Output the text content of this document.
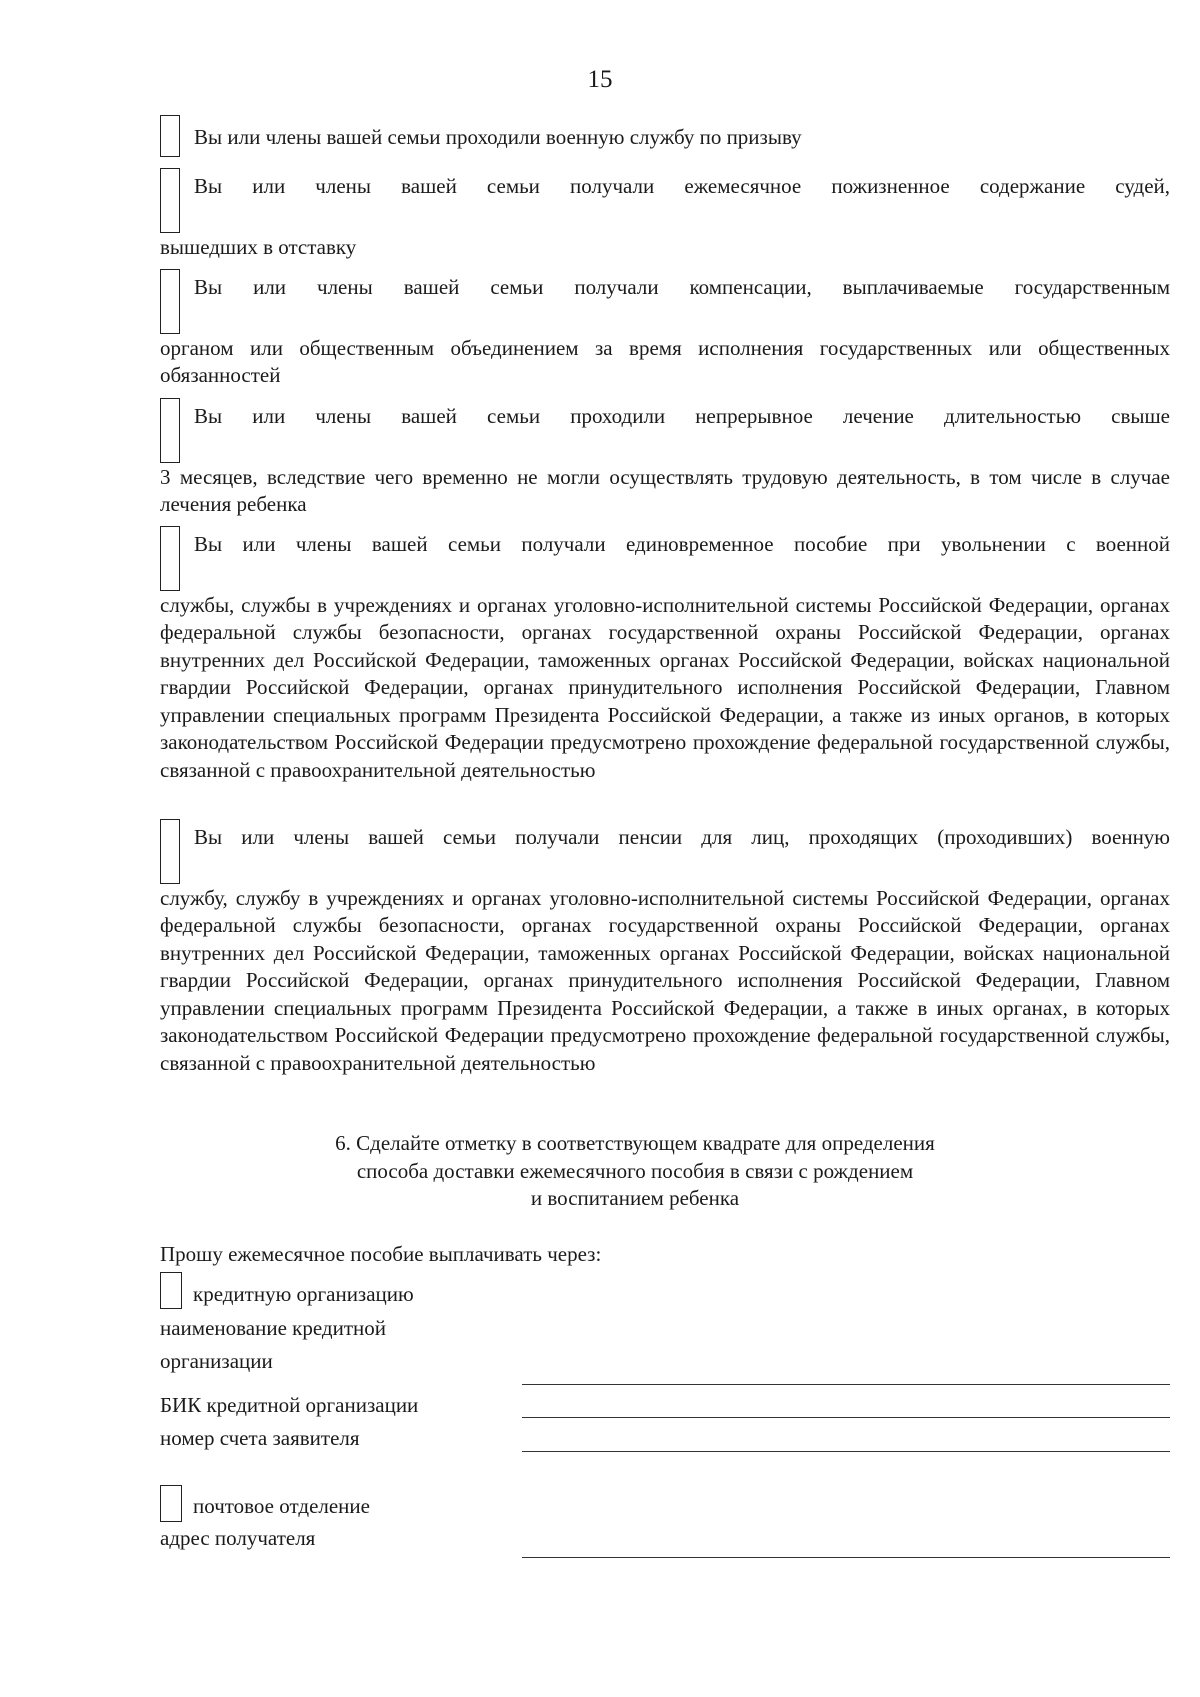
15
Вы или члены вашей семьи проходили военную службу по призыву
Вы или члены вашей семьи получали ежемесячное пожизненное содержание судей,
вышедших в отставку
Вы или члены вашей семьи получали компенсации, выплачиваемые государственным
органом или общественным объединением за время исполнения государственных или общественных обязанностей
Вы или члены вашей семьи проходили непрерывное лечение длительностью свыше
3 месяцев, вследствие чего временно не могли осуществлять трудовую деятельность, в том числе в случае лечения ребенка
Вы или члены вашей семьи получали единовременное пособие при увольнении с военной
службы, службы в учреждениях и органах уголовно-исполнительной системы Российской Федерации, органах федеральной службы безопасности, органах государственной охраны Российской Федерации, органах внутренних дел Российской Федерации, таможенных органах Российской Федерации, войсках национальной гвардии Российской Федерации, органах принудительного исполнения Российской Федерации, Главном управлении специальных программ Президента Российской Федерации, а также из иных органов, в которых законодательством Российской Федерации предусмотрено прохождение федеральной государственной службы, связанной с правоохранительной деятельностью
Вы или члены вашей семьи получали пенсии для лиц, проходящих (проходивших) военную
службу, службу в учреждениях и органах уголовно-исполнительной системы Российской Федерации, органах федеральной службы безопасности, органах государственной охраны Российской Федерации, органах внутренних дел Российской Федерации, таможенных органах Российской Федерации, войсках национальной гвардии Российской Федерации, органах принудительного исполнения Российской Федерации, Главном управлении специальных программ Президента Российской Федерации, а также в иных органах, в которых законодательством Российской Федерации предусмотрено прохождение федеральной государственной службы, связанной с правоохранительной деятельностью
6. Сделайте отметку в соответствующем квадрате для определения
способа доставки ежемесячного пособия в связи с рождением
и воспитанием ребенка
Прошу ежемесячное пособие выплачивать через:
кредитную организацию
наименование кредитной
организации
БИК кредитной организации
номер счета заявителя
почтовое отделение
адрес получателя
